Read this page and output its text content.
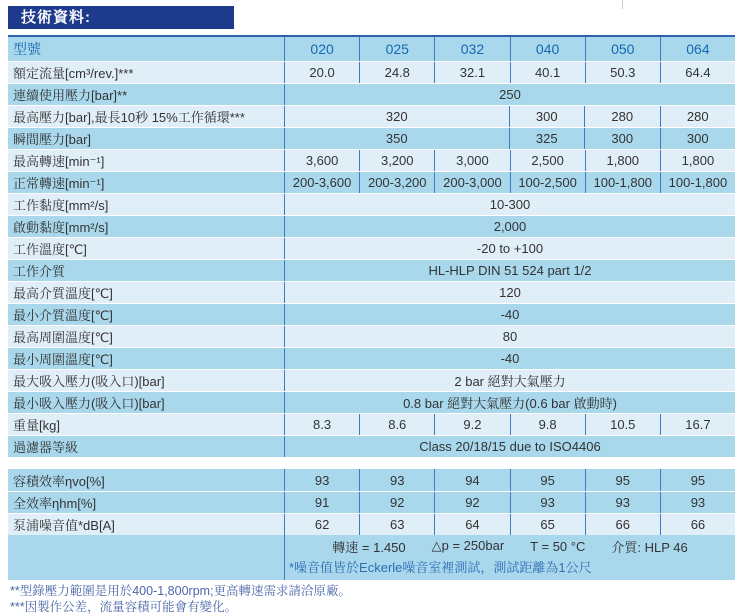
技術資料:
型號	020	025	032	040	050	064
額定流量[cm³/rev.]***	20.0	24.8	32.1	40.1	50.3	64.4
連續使用壓力[bar]**	250
最高壓力[bar],最長10秒 15%工作循環***	320	300	280	280
瞬間壓力[bar]	350	325	300	300
最高轉速[min⁻¹]	3,600	3,200	3,000	2,500	1,800	1,800
正常轉速[min⁻¹]	200-3,600	200-3,200	200-3,000	100-2,500	100-1,800	100-1,800
工作黏度[mm²/s]	10-300
啟動黏度[mm²/s]	2,000
工作溫度[℃]	-20 to +100
工作介質	HL-HLP DIN 51 524 part 1/2
最高介質溫度[℃]	120
最小介質溫度[℃]	-40
最高周圍溫度[℃]	80
最小周圍溫度[℃]	-40
最大吸入壓力(吸入口)[bar]	2 bar 絕對大氣壓力
最小吸入壓力(吸入口)[bar]	0.8 bar 絕對大氣壓力(0.6 bar 啟動時)
重量[kg]	8.3	8.6	9.2	9.8	10.5	16.7
過濾器等級	Class 20/18/15 due to ISO4406
容積效率ηvo[%]	93	93	94	95	95	95
全效率ηhm[%]	91	92	92	93	93	93
泵浦噪音值*dB[A]	62	63	64	65	66	66
轉速 = 1.450 △p = 250bar T = 50 °C 介質: HLP 46
*噪音值皆於Eckerle噪音室裡測試，測試距離為1公尺
**型錄壓力範圍是用於400-1,800rpm;更高轉速需求請洽原廠。
***因製作公差，流量容積可能會有變化。
